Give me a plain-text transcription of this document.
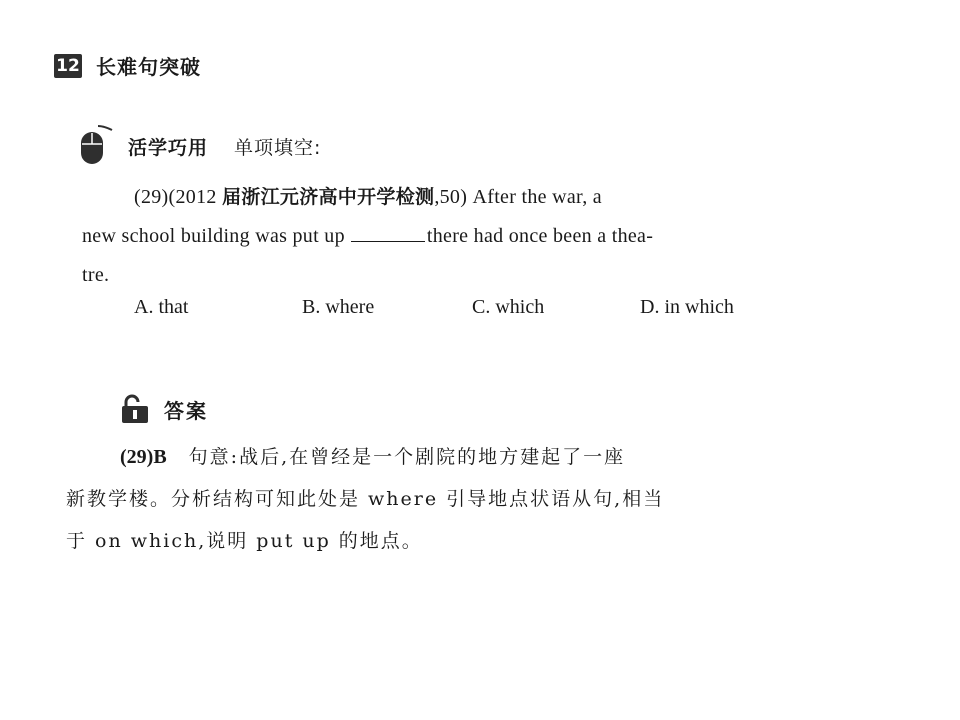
12 长难句突破
活学巧用 单项填空:
(29)(2012 届浙江元济高中开学检测,50) After the war, a
new school building was put up	there had once been a thea-
tre.
A. that	B. where	C. which	D. in which
答案
(29)B 句意:战后,在曾经是一个剧院的地方建起了一座
新教学楼。分析结构可知此处是 where 引导地点状语从句,相当
于 on which,说明 put up 的地点。
